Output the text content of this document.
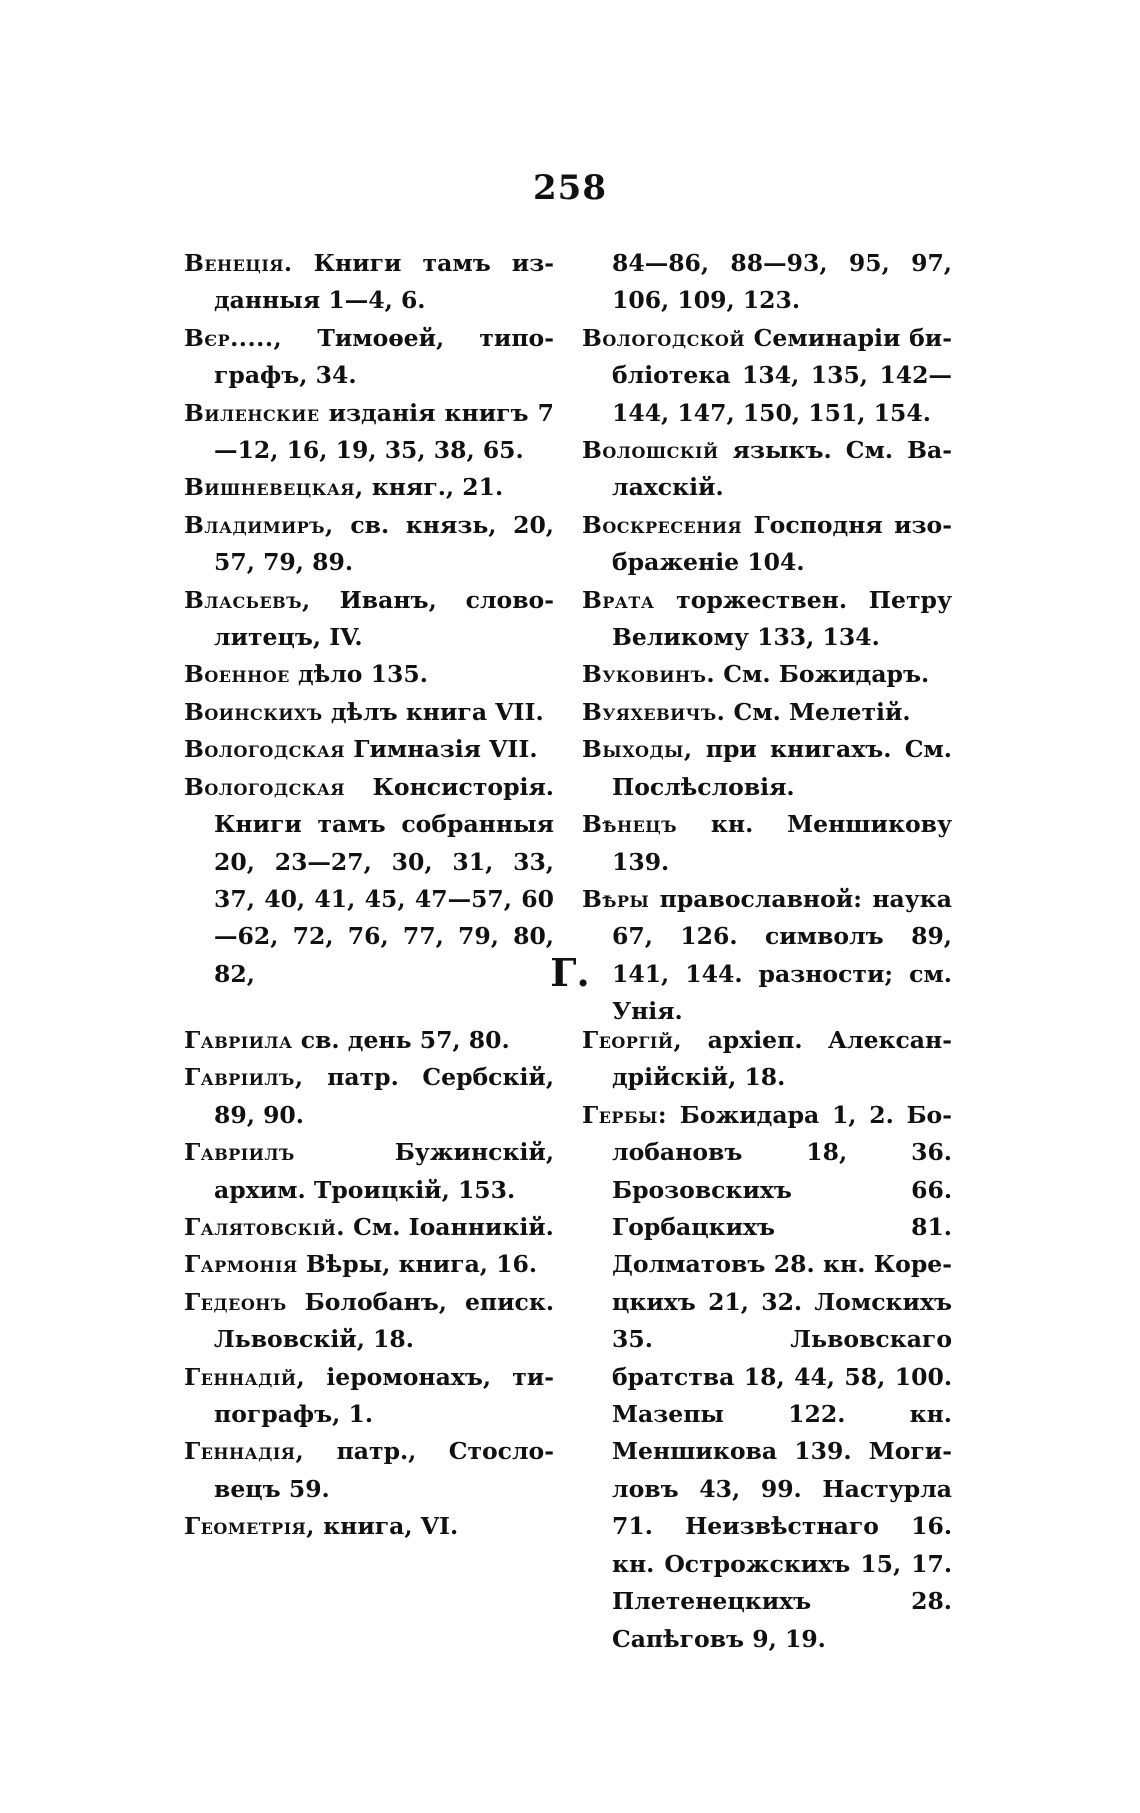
258

Венеція. Книги тамъ изданныя 1—4, 6.

Вєр....., Тимоѳей, типографъ, 34.

Виленские изданія книгъ 7 —12, 16, 19, 35, 38, 65.

Вишневецкая, княг., 21.

Владимиръ, св. князь, 20, 57, 79, 89.

Власьевъ, Иванъ, словолитецъ, IV.

Военное дѣло 135.

Воинскихъ дѣлъ книга VII.

Вологодская Гимназія VII.

Вологодская Консисторія. Книги тамъ собранныя 20, 23—27, 30, 31, 33, 37, 40, 41, 45, 47—57, 60—62, 72, 76, 77, 79, 80, 82,

84—86, 88—93, 95, 97, 106, 109, 123.

Вологодской Семинаріи библіотека 134, 135, 142—144, 147, 150, 151, 154.

Волошскій языкъ. См. Валахскій.

Воскресения Господня изображеніе 104.

Врата торжествен. Петру Великому 133, 134.

Вуковинъ. См. Божидаръ.

Вуяхевичъ. См. Мелетій.

Выходы, при книгахъ. См. Послѣсловія.

Вѣнецъ кн. Меншикову 139.

Вѣры православной: наука 67, 126. символъ 89, 141, 144. разности; см. Унія.

Г.

Гавріила св. день 57, 80.

Гавріилъ, патр. Сербскій, 89, 90.

Гавріилъ Бужинскій, архим. Троицкій, 153.

Галятовскій. См. Іоанникій.

Гармонія Вѣры, книга, 16.

Гедеонъ Болобанъ, еписк. Львовскій, 18.

Геннадій, іеромонахъ, типографъ, 1.

Геннадія, патр., Стословецъ 59.

Геометрія, книга, VI.

Георгій, архіеп. Александрійскій, 18.

Гербы: Божидара 1, 2. Болобановъ 18, 36. Брозовскихъ 66. Горбацкихъ 81. Долматовъ 28. кн. Корецкихъ 21, 32. Ломскихъ 35. Львовскаго братства 18, 44, 58, 100. Мазепы 122. кн. Меншикова 139. Могиловъ 43, 99. Настурла 71. Неизвѣстнаго 16. кн. Острожскихъ 15, 17. Плетенецкихъ 28. Сапѣговъ 9, 19.
